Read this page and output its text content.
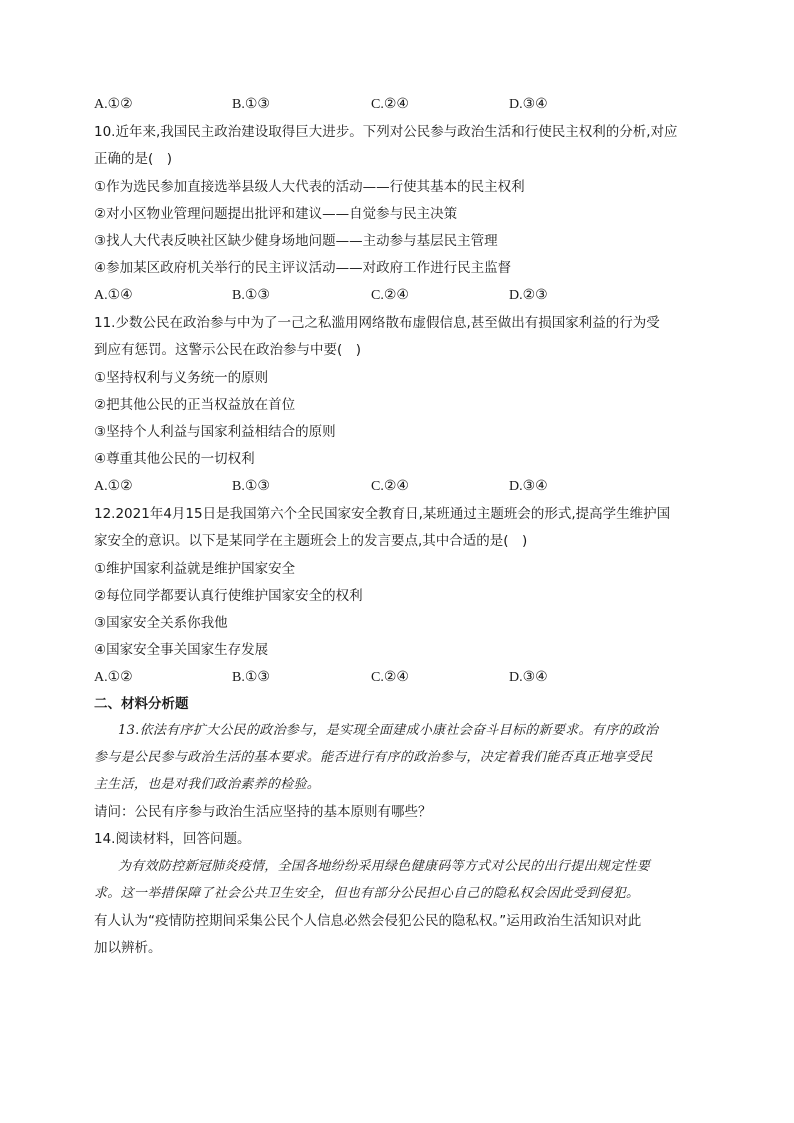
A.①②	B.①③	C.②④	D.③④
10.近年来,我国民主政治建设取得巨大进步。下列对公民参与政治生活和行使民主权利的分析,对应
正确的是(　)
①作为选民参加直接选举县级人大代表的活动——行使其基本的民主权利
②对小区物业管理问题提出批评和建议——自觉参与民主决策
③找人大代表反映社区缺少健身场地问题——主动参与基层民主管理
④参加某区政府机关举行的民主评议活动——对政府工作进行民主监督
A.①④	B.①③	C.②④	D.②③
11.少数公民在政治参与中为了一己之私滥用网络散布虚假信息,甚至做出有损国家利益的行为受
到应有惩罚。这警示公民在政治参与中要(　)
①坚持权利与义务统一的原则
②把其他公民的正当权益放在首位
③坚持个人利益与国家利益相结合的原则
④尊重其他公民的一切权利
A.①②	B.①③	C.②④	D.③④
12.2021年4月15日是我国第六个全民国家安全教育日,某班通过主题班会的形式,提高学生维护国
家安全的意识。以下是某同学在主题班会上的发言要点,其中合适的是(　)
①维护国家利益就是维护国家安全
②每位同学都要认真行使维护国家安全的权利
③国家安全关系你我他
④国家安全事关国家生存发展
A.①②	B.①③	C.②④	D.③④
二、材料分析题
13.依法有序扩大公民的政治参与，是实现全面建成小康社会奋斗目标的新要求。有序的政治
参与是公民参与政治生活的基本要求。能否进行有序的政治参与，决定着我们能否真正地享受民
主生活，也是对我们政治素养的检验。
请问：公民有序参与政治生活应坚持的基本原则有哪些？
14.阅读材料，回答问题。
为有效防控新冠肺炎疫情，全国各地纷纷采用绿色健康码等方式对公民的出行提出规定性要
求。这一举措保障了社会公共卫生安全，但也有部分公民担心自己的隐私权会因此受到侵犯。
有人认为“疫情防控期间采集公民个人信息必然会侵犯公民的隐私权。”运用政治生活知识对此
加以辨析。
